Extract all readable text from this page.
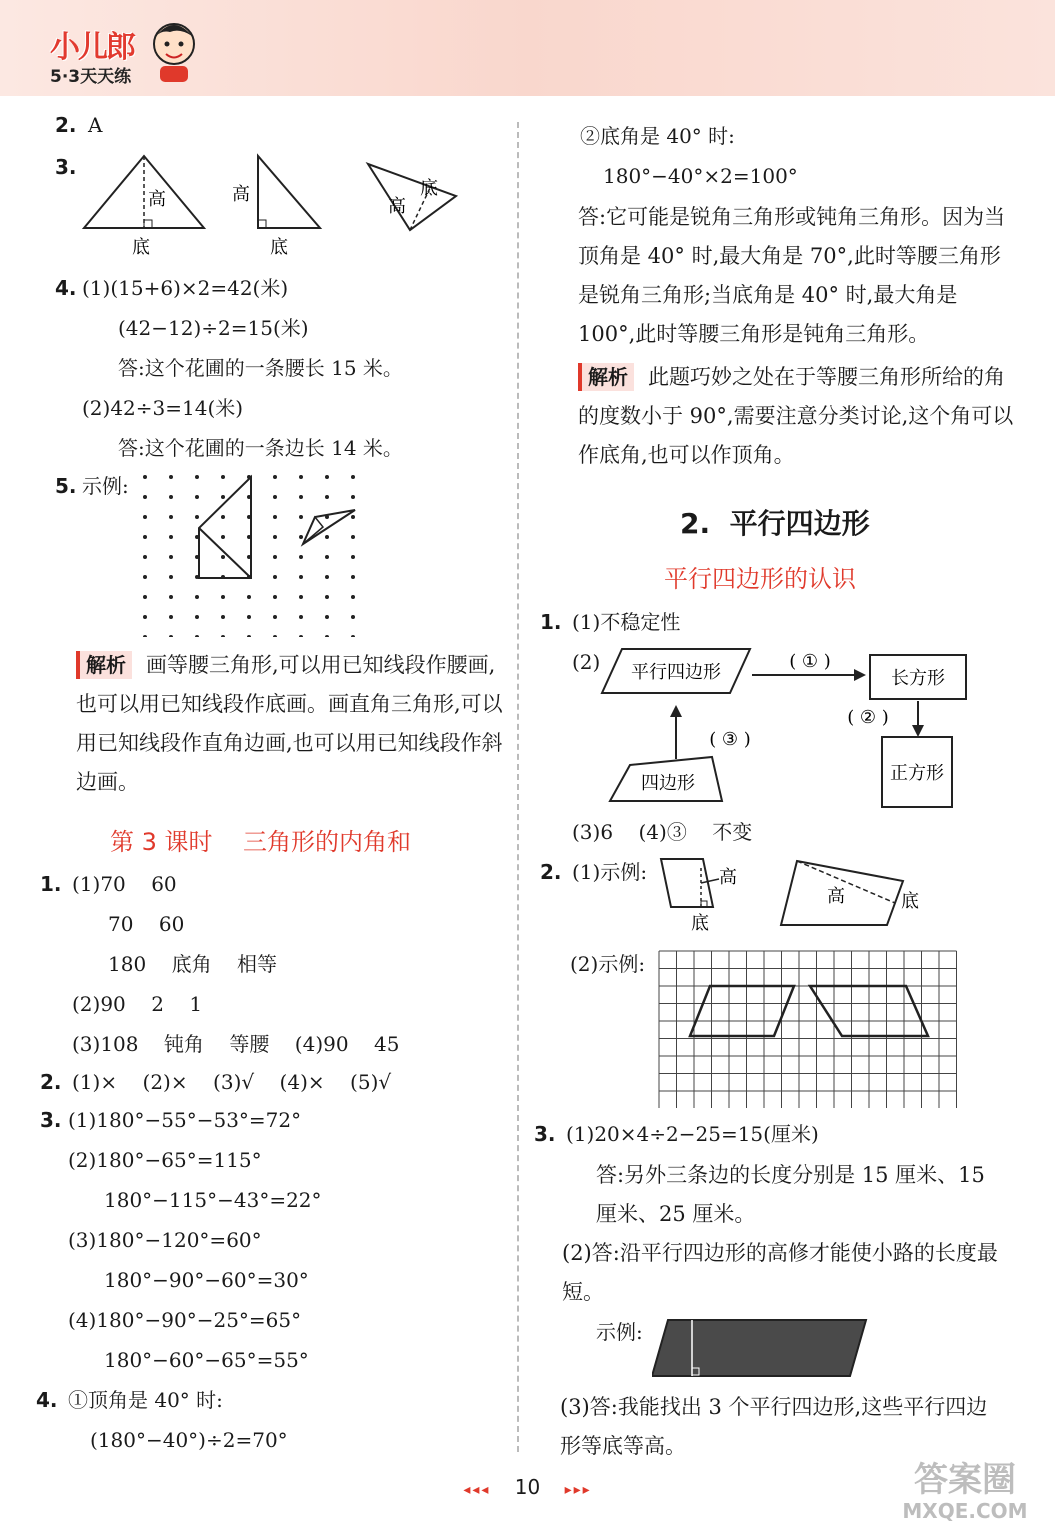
小儿郎
5·3天天练
2. A
3.
高
底
高
底
高
底
4. (1)(15+6)×2=42(米)
(42−12)÷2=15(米)
答:这个花圃的一条腰长 15 米。
(2)42÷3=14(米)
答:这个花圃的一条边长 14 米。
5. 示例:
解析 画等腰三角形,可以用已知线段作腰画,也可以用已知线段作底画。画直角三角形,可以用已知线段作直角边画,也可以用已知线段作斜边画。
第 3 课时    三角形的内角和
1. (1)70    60
70    60
180    底角    相等
(2)90    2    1
(3)108    钝角    等腰    (4)90    45
2. (1)×    (2)×    (3)√    (4)×    (5)√
3. (1)180°−55°−53°=72°
(2)180°−65°=115°
180°−115°−43°=22°
(3)180°−120°=60°
180°−90°−60°=30°
(4)180°−90°−25°=65°
180°−60°−65°=55°
4. ①顶角是 40° 时:
(180°−40°)÷2=70°
②底角是 40° 时:
180°−40°×2=100°
答:它可能是锐角三角形或钝角三角形。因为当顶角是 40° 时,最大角是 70°,此时等腰三角形是锐角三角形;当底角是 40° 时,最大角是 100°,此时等腰三角形是钝角三角形。
解析 此题巧妙之处在于等腰三角形所给的角的度数小于 90°,需要注意分类讨论,这个角可以作底角,也可以作顶角。
2.  平行四边形
平行四边形的认识
1. (1)不稳定性
(2) 平行四边形
( ① )
长方形
( ② )
正方形
( ③ )
四边形
(3)6    (4)③    不变
2. (1)示例:	高
底
高	底
(2)示例:
3. (1)20×4÷2−25=15(厘米)
答:另外三条边的长度分别是 15 厘米、15 厘米、25 厘米。
(2)答:沿平行四边形的高修才能使小路的长度最短。
示例:
(3)答:我能找出 3 个平行四边形,这些平行四边形等底等高。
◂◂◂ 10 ▸▸▸	答案圈
MXQE.COM
